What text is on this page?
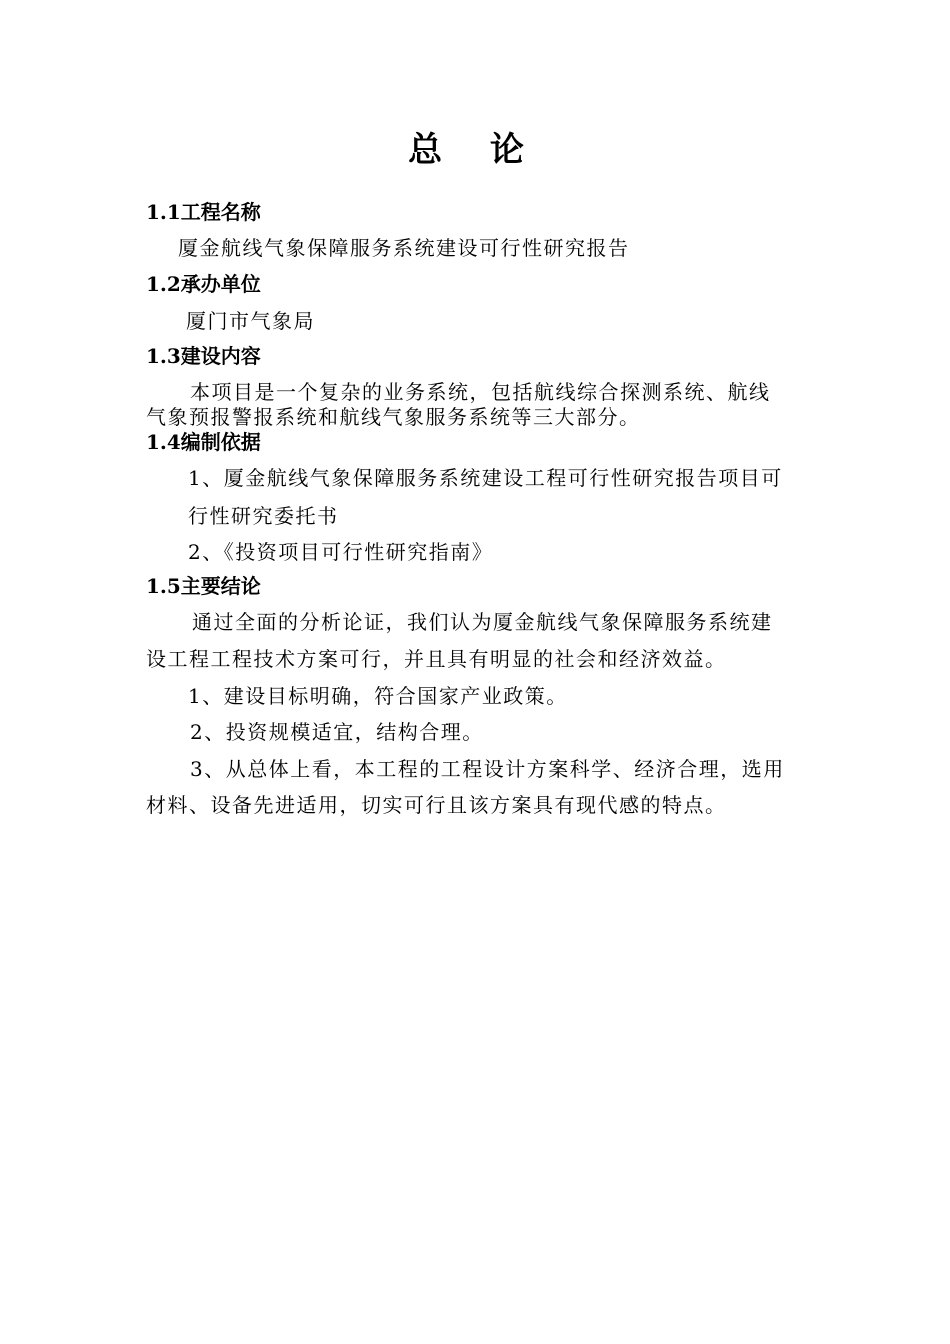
总 论
1.1工程名称
厦金航线气象保障服务系统建设可行性研究报告
1.2承办单位
厦门市气象局
1.3建设内容
本项目是一个复杂的业务系统，包括航线综合探测系统、航线
气象预报警报系统和航线气象服务系统等三大部分。
1.4编制依据
1、厦金航线气象保障服务系统建设工程可行性研究报告项目可
行性研究委托书
2、《投资项目可行性研究指南》
1.5主要结论
通过全面的分析论证，我们认为厦金航线气象保障服务系统建
设工程工程技术方案可行，并且具有明显的社会和经济效益。
1、建设目标明确，符合国家产业政策。
2、投资规模适宜，结构合理。
3、从总体上看，本工程的工程设计方案科学、经济合理，选用
材料、设备先进适用，切实可行且该方案具有现代感的特点。
